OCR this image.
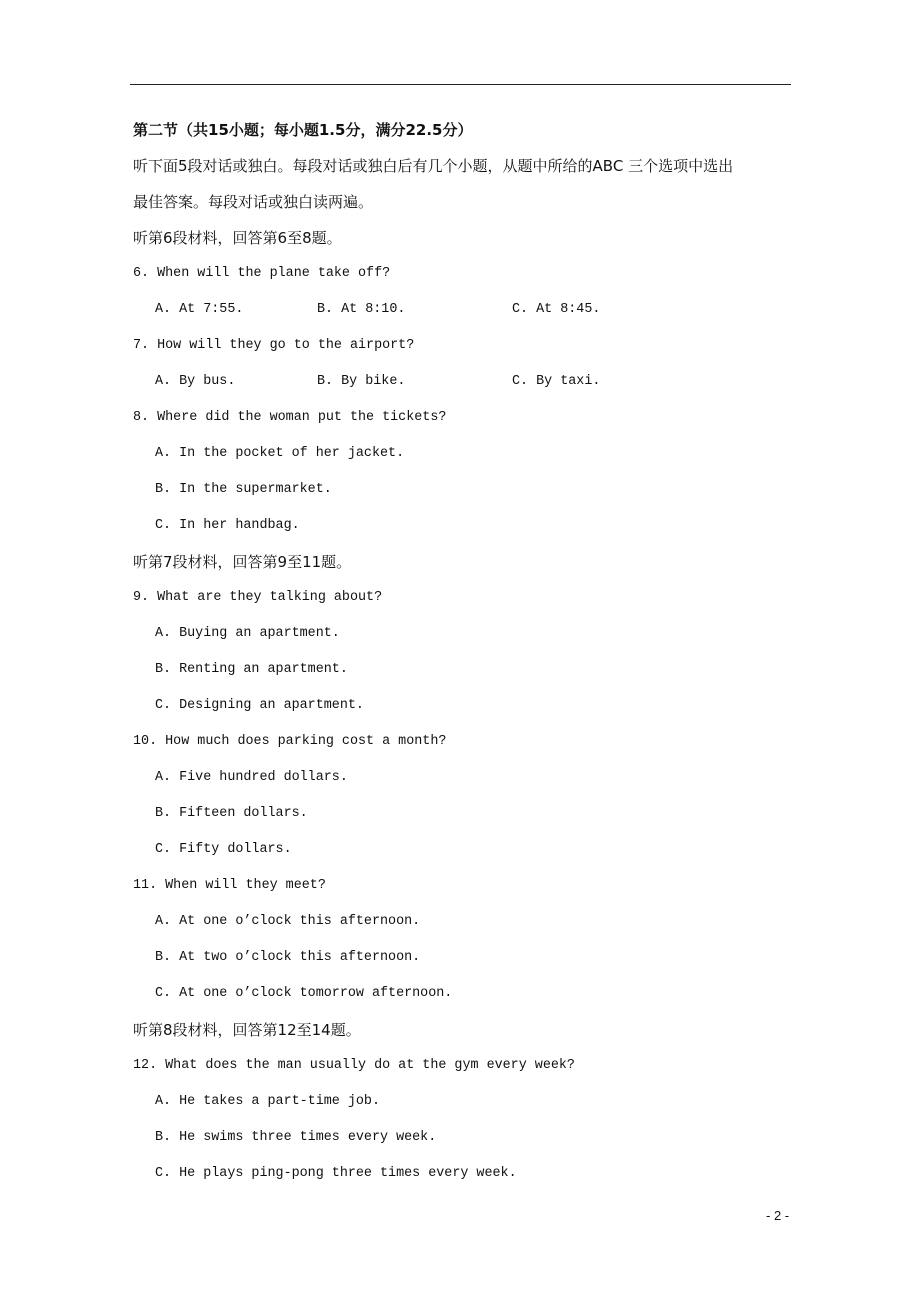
第二节（共15小题；每小题1.5分，满分22.5分）
听下面5段对话或独白。每段对话或独白后有几个小题，从题中所给的ABC 三个选项中选出
最佳答案。每段对话或独白读两遍。
听第6段材料，回答第6至8题。
6. When will the plane take off?
A. At 7:55.	B. At 8:10.	C. At 8:45.
7. How will they go to the airport?
A. By bus.	B. By bike.	C. By taxi.
8. Where did the woman put the tickets?
A. In the pocket of her jacket.
B. In the supermarket.
C. In her handbag.
听第7段材料，回答第9至11题。
9. What are they talking about?
A. Buying an apartment.
B. Renting an apartment.
C. Designing an apartment.
10. How much does parking cost a month?
A. Five hundred dollars.
B. Fifteen dollars.
C. Fifty dollars.
11. When will they meet?
A. At one o’clock this afternoon.
B. At two o’clock this afternoon.
C. At one o’clock tomorrow afternoon.
听第8段材料，回答第12至14题。
12. What does the man usually do at the gym every week?
A. He takes a part-time job.
B. He swims three times every week.
C. He plays ping-pong three times every week.
- 2 -
